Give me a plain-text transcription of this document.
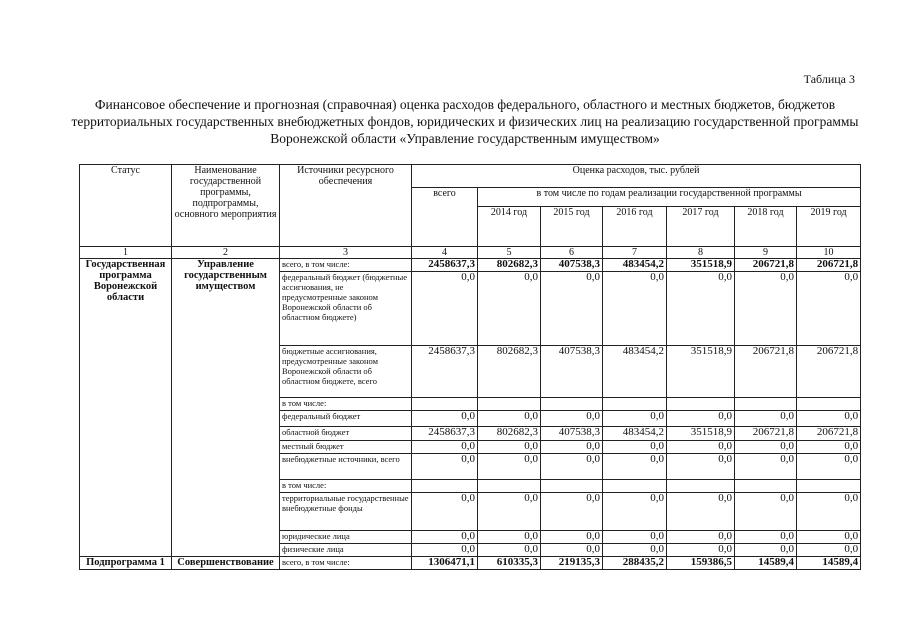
Таблица 3
Финансовое обеспечение и прогнозная (справочная) оценка расходов федерального, областного и местных бюджетов, бюджетов территориальных государственных внебюджетных фондов, юридических и физических лиц на реализацию государственной программы Воронежской области «Управление государственным имуществом»
Статус	Наименование государственной программы, подпрограммы, основного мероприятия	Источники ресурсного обеспечения	Оценка расходов, тыс. рублей						
			всего	в том числе по годам реализации государственной программы					
				2014 год	2015 год	2016 год	2017 год	2018 год	2019 год
1	2	3	4	5	6	7	8	9	10
Государственная программа Воронежской области	Управление государственным имуществом	всего, в том числе:	2458637,3	802682,3	407538,3	483454,2	351518,9	206721,8	206721,8
		федеральный бюджет (бюджетные ассигнования, не предусмотренные законом Воронежской области об областном бюджете)	0,0	0,0	0,0	0,0	0,0	0,0	0,0
		бюджетные ассигнования, предусмотренные законом Воронежской области об областном бюджете, всего	2458637,3	802682,3	407538,3	483454,2	351518,9	206721,8	206721,8
		в том числе:							
		федеральный бюджет	0,0	0,0	0,0	0,0	0,0	0,0	0,0
		областной бюджет	2458637,3	802682,3	407538,3	483454,2	351518,9	206721,8	206721,8
		местный бюджет	0,0	0,0	0,0	0,0	0,0	0,0	0,0
		внебюджетные источники, всего	0,0	0,0	0,0	0,0	0,0	0,0	0,0
		в том числе:							
		территориальные государственные внебюджетные фонды	0,0	0,0	0,0	0,0	0,0	0,0	0,0
		юридические лица	0,0	0,0	0,0	0,0	0,0	0,0	0,0
		физические лица	0,0	0,0	0,0	0,0	0,0	0,0	0,0
Подпрограмма 1	Совершенствование	всего, в том числе:	1306471,1	610335,3	219135,3	288435,2	159386,5	14589,4	14589,4
